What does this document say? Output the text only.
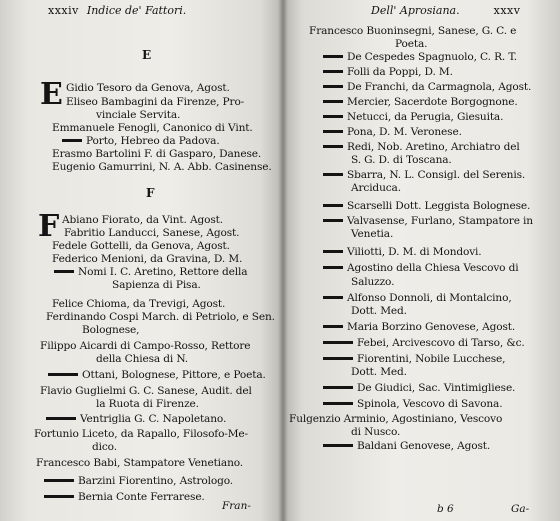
xxxiv Indice de' Fattori.
E
E Gidio Tesoro da Genova, Agost.
Eliseo Bambagini da Firenze, Pro-
vinciale Servita.
Emmanuele Fenogli, Canonico di Vint.
Porto, Hebreo da Padova.
Erasmo Bartolini F. di Gasparo, Danese.
Eugenio Gamurrini, N. A. Abb. Casinense.
F
F Abiano Fiorato, da Vint. Agost.
Fabritio Landucci, Sanese, Agost.
Fedele Gottelli, da Genova, Agost.
Federico Menioni, da Gravina, D. M.
Nomi I. C. Aretino, Rettore della
Sapienza di Pisa.
Felice Chioma, da Trevigi, Agost.
Ferdinando Cospi March. di Petriolo, e Sen.
Bolognese,
Filippo Aicardi di Campo-Rosso, Rettore
della Chiesa di N.
Ottani, Bolognese, Pittore, e Poeta.
Flavio Guglielmi G. C. Sanese, Audit. del
la Ruota di Firenze.
Ventriglia G. C. Napoletano.
Fortunio Liceto, da Rapallo, Filosofo-Me-
dico.
Francesco Babi, Stampatore Venetiano.
Barzini Fiorentino, Astrologo.
Bernia Conte Ferrarese.
Fran-
Dell' Aprosiana.	xxxv
Francesco Buoninsegni, Sanese, G. C. e
Poeta.
De Cespedes Spagnuolo, C. R. T.
Folli da Poppi, D. M.
De Franchi, da Carmagnola, Agost.
Mercier, Sacerdote Borgognone.
Netucci, da Perugia, Giesuita.
Pona, D. M. Veronese.
Redi, Nob. Aretino, Archiatro del
S. G. D. di Toscana.
Sbarra, N. L. Consigl. del Serenis.
Arciduca.
Scarselli Dott. Leggista Bolognese.
Valvasense, Furlano, Stampatore in
Venetia.
Viliotti, D. M. di Mondovi.
Agostino della Chiesa Vescovo di
Saluzzo.
Alfonso Donnoli, di Montalcino,
Dott. Med.
Maria Borzino Genovese, Agost.
Febei, Arcivescovo di Tarso, &c.
Fiorentini, Nobile Lucchese,
Dott. Med.
De Giudici, Sac. Vintimigliese.
Spinola, Vescovo di Savona.
Fulgenzio Arminio, Agostiniano, Vescovo
di Nusco.
Baldani Genovese, Agost.
b 6	Ga-
